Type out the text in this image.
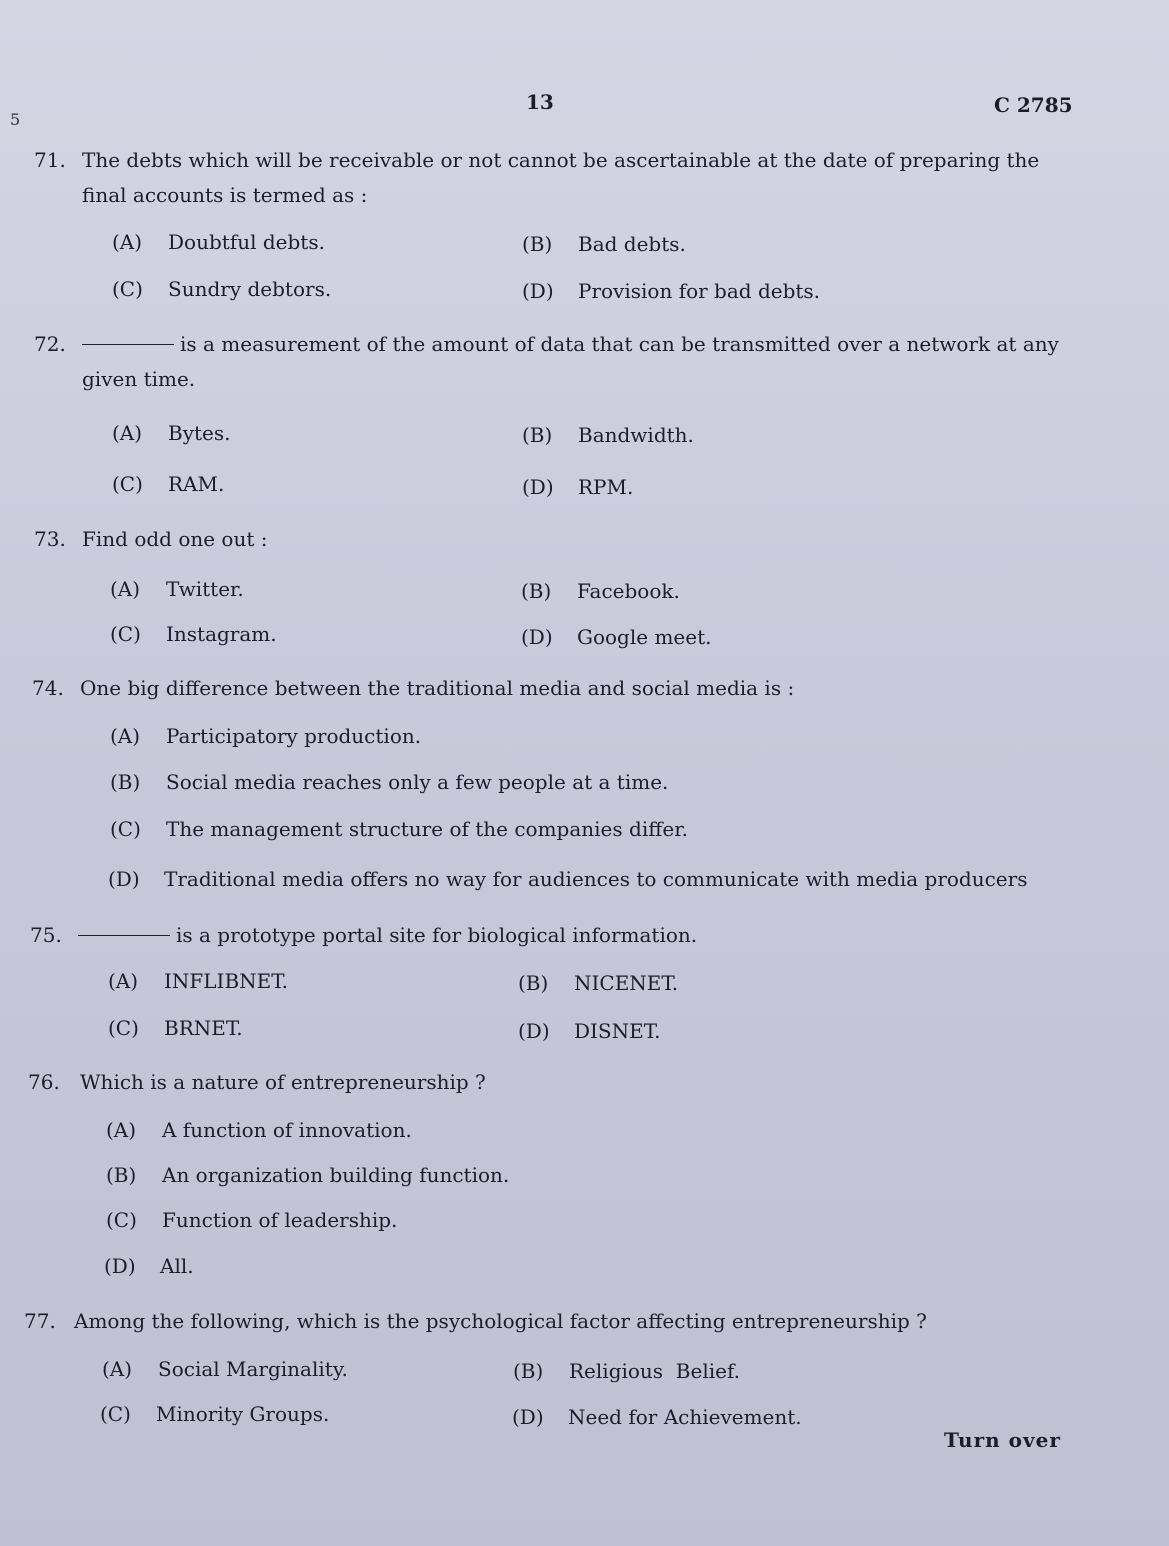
5
13	C 2785
71. The debts which will be receivable or not cannot be ascertainable at the date of preparing the final accounts is termed as :
(A) Doubtful debts.	(B) Bad debts.
(C) Sundry debtors.	(D) Provision for bad debts.
72.	is a measurement of the amount of data that can be transmitted over a network at any given time.
(A) Bytes.	(B) Bandwidth.
(C) RAM.	(D) RPM.
73. Find odd one out :
(A) Twitter.	(B) Facebook.
(C) Instagram.	(D) Google meet.
74. One big difference between the traditional media and social media is :
(A) Participatory production.
(B) Social media reaches only a few people at a time.
(C) The management structure of the companies differ.
(D) Traditional media offers no way for audiences to communicate with media producers
75.	is a prototype portal site for biological information.
(A) INFLIBNET.	(B) NICENET.
(C) BRNET.	(D) DISNET.
76. Which is a nature of entrepreneurship ?
(A) A function of innovation.
(B) An organization building function.
(C) Function of leadership.
(D) All.
77. Among the following, which is the psychological factor affecting entrepreneurship ?
(A) Social Marginality.	(B) Religious  Belief.
(C) Minority Groups.	(D) Need for Achievement.
Turn over
